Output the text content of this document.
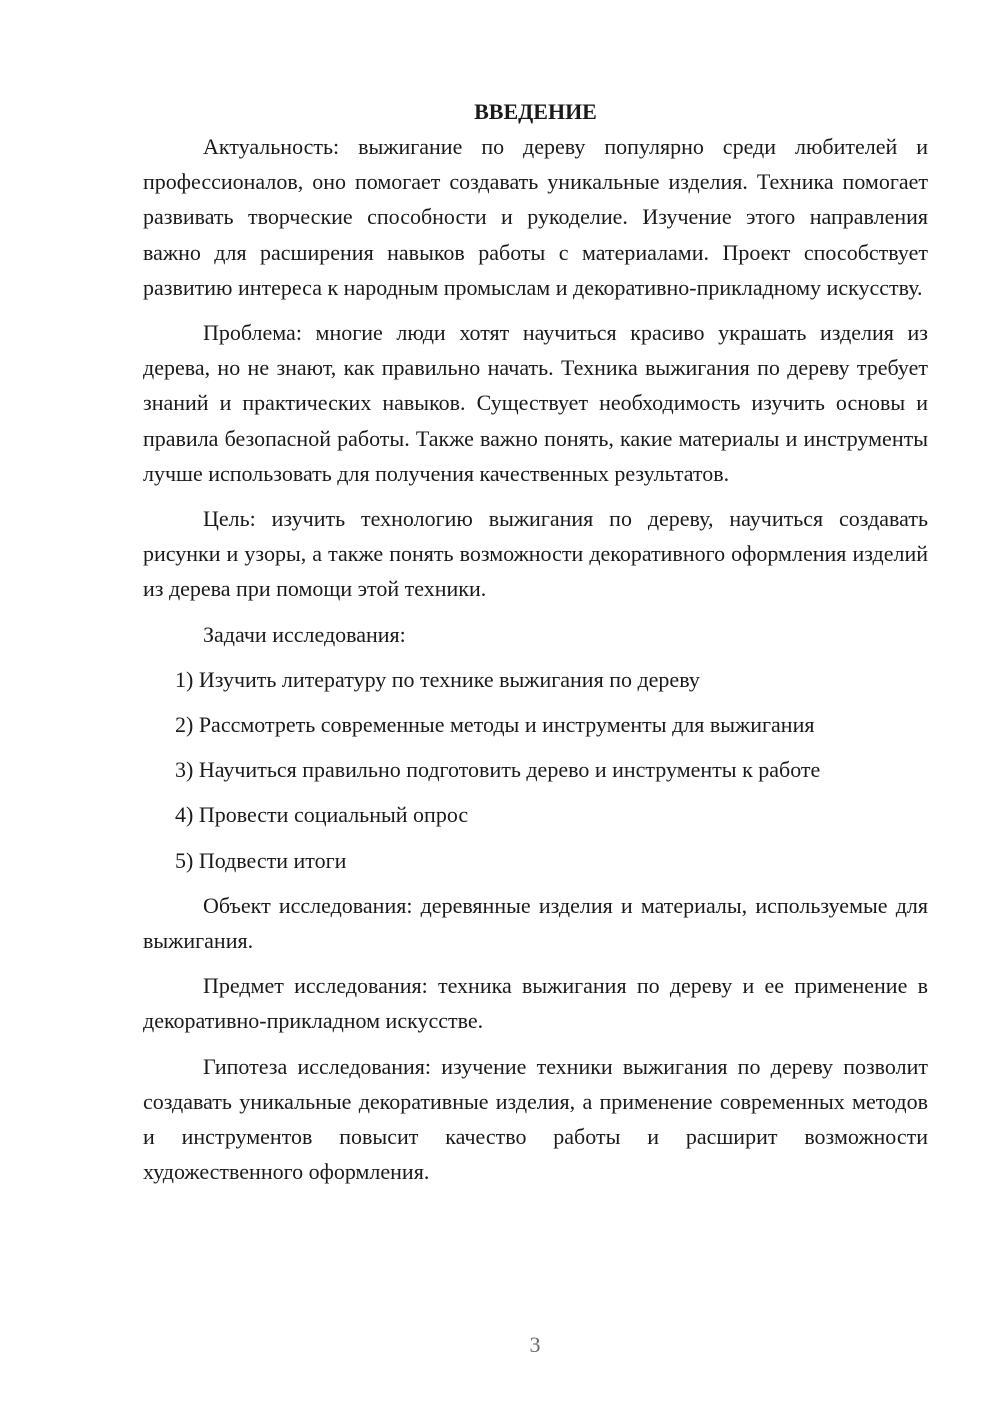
ВВЕДЕНИЕ

Актуальность: выжигание по дереву популярно среди любителей и профессионалов, оно помогает создавать уникальные изделия. Техника помогает развивать творческие способности и рукоделие. Изучение этого направления важно для расширения навыков работы с материалами. Проект способствует развитию интереса к народным промыслам и декоративно-прикладному искусству.

Проблема: многие люди хотят научиться красиво украшать изделия из дерева, но не знают, как правильно начать. Техника выжигания по дереву требует знаний и практических навыков. Существует необходимость изучить основы и правила безопасной работы. Также важно понять, какие материалы и инструменты лучше использовать для получения качественных результатов.

Цель: изучить технологию выжигания по дереву, научиться создавать рисунки и узоры, а также понять возможности декоративного оформления изделий из дерева при помощи этой техники.

Задачи исследования:

1) Изучить литературу по технике выжигания по дереву
2) Рассмотреть современные методы и инструменты для выжигания
3) Научиться правильно подготовить дерево и инструменты к работе
4) Провести социальный опрос
5) Подвести итоги

Объект исследования: деревянные изделия и материалы, используемые для выжигания.

Предмет исследования: техника выжигания по дереву и ее применение в декоративно-прикладном искусстве.

Гипотеза исследования: изучение техники выжигания по дереву позволит создавать уникальные декоративные изделия, а применение современных методов и инструментов повысит качество работы и расширит возможности художественного оформления.

3
